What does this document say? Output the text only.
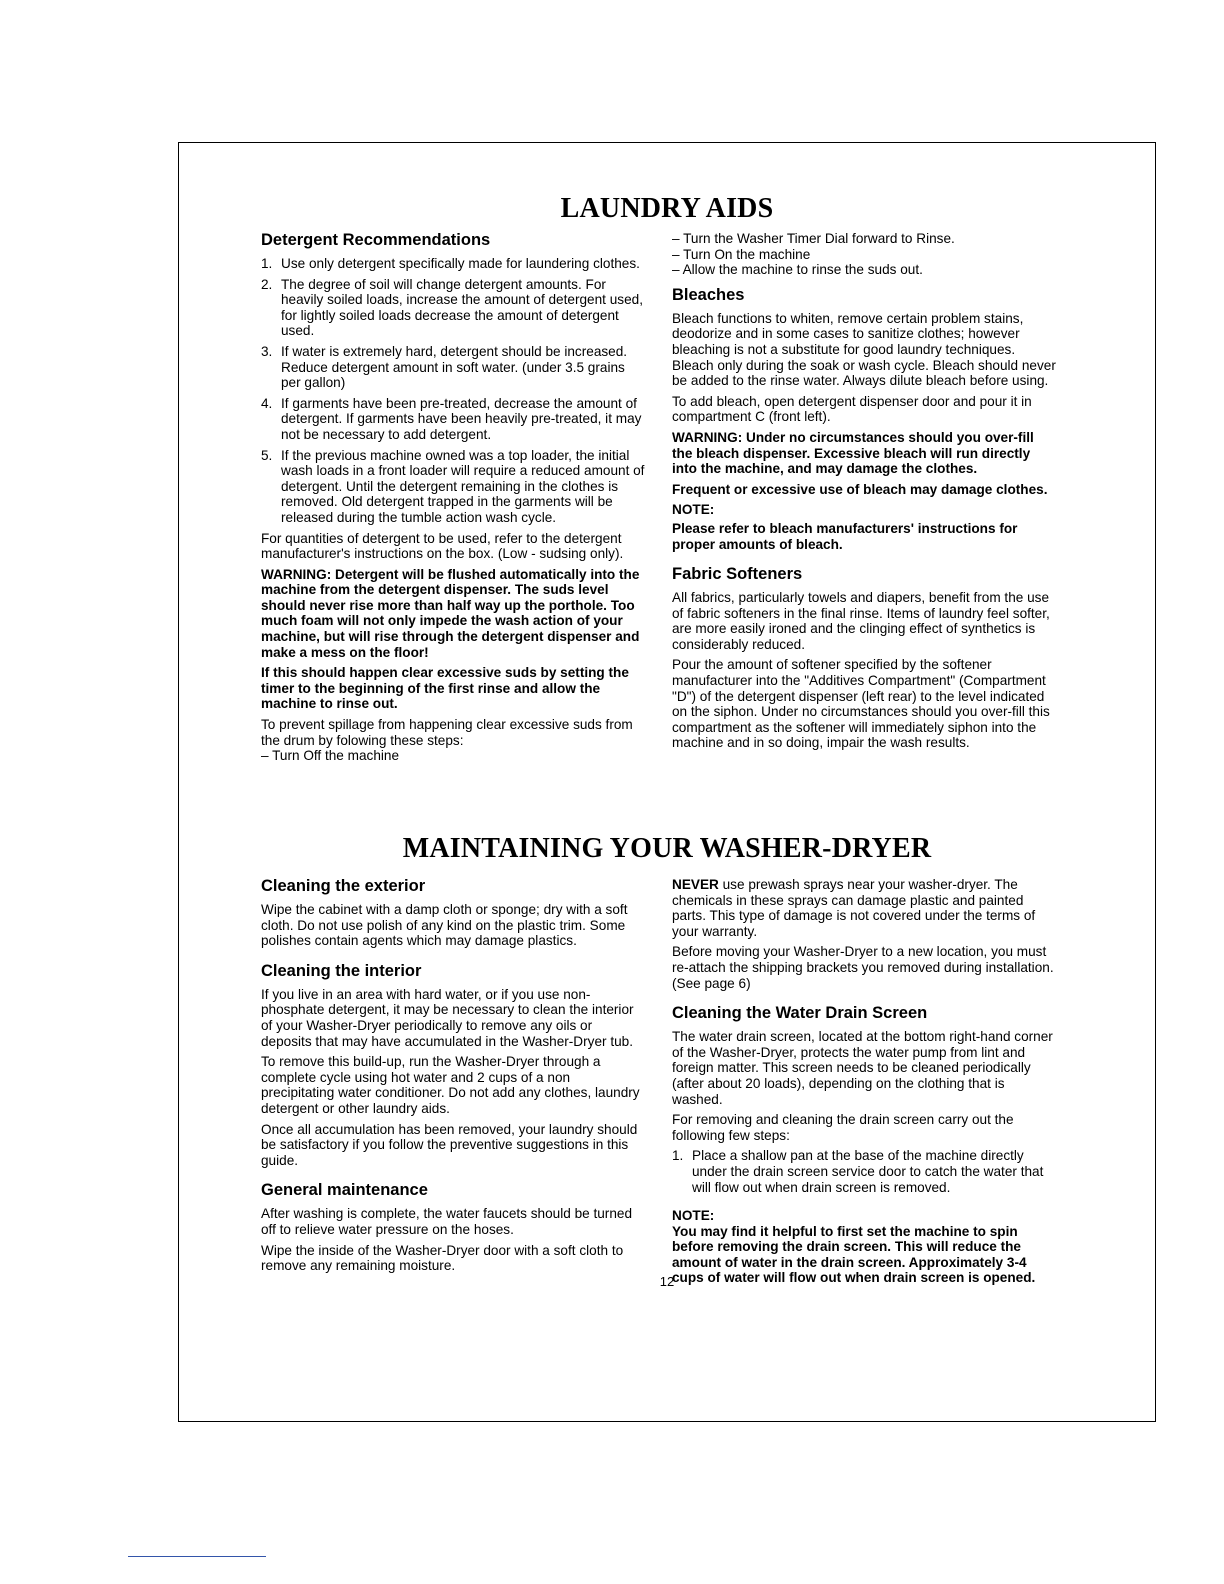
LAUNDRY AIDS
Detergent Recommendations
1. Use only detergent specifically made for laundering clothes.
2. The degree of soil will change detergent amounts. For heavily soiled loads, increase the amount of detergent used, for lightly soiled loads decrease the amount of detergent used.
3. If water is extremely hard, detergent should be increased. Reduce detergent amount in soft water. (under 3.5 grains per gallon)
4. If garments have been pre-treated, decrease the amount of detergent. If garments have been heavily pre-treated, it may not be necessary to add detergent.
5. If the previous machine owned was a top loader, the initial wash loads in a front loader will require a reduced amount of detergent. Until the detergent remaining in the clothes is removed. Old detergent trapped in the garments will be released during the tumble action wash cycle.

For quantities of detergent to be used, refer to the detergent manufacturer's instructions on the box. (Low - sudsing only).

WARNING: Detergent will be flushed automatically into the machine from the detergent dispenser. The suds level should never rise more than half way up the porthole. Too much foam will not only impede the wash action of your machine, but will rise through the detergent dispenser and make a mess on the floor!

If this should happen clear excessive suds by setting the timer to the beginning of the first rinse and allow the machine to rinse out.

To prevent spillage from happening clear excessive suds from the drum by folowing these steps:

– Turn Off the machine
– Turn the Washer Timer Dial forward to Rinse.
– Turn On the machine
– Allow the machine to rinse the suds out.
Bleaches

Bleach functions to whiten, remove certain problem stains, deodorize and in some cases to sanitize clothes; however bleaching is not a substitute for good laundry techniques. Bleach only during the soak or wash cycle. Bleach should never be added to the rinse water. Always dilute bleach before using.

To add bleach, open detergent dispenser door and pour it in compartment C (front left).

WARNING: Under no circumstances should you over-fill the bleach dispenser. Excessive bleach will run directly into the machine, and may damage the clothes.

Frequent or excessive use of bleach may damage clothes.

NOTE:

Please refer to bleach manufacturers' instructions for proper amounts of bleach.

Fabric Softeners

All fabrics, particularly towels and diapers, benefit from the use of fabric softeners in the final rinse. Items of laundry feel softer, are more easily ironed and the clinging effect of synthetics is considerably reduced.

Pour the amount of softener specified by the softener manufacturer into the "Additives Compartment" (Compartment "D") of the detergent dispenser (left rear) to the level indicated on the siphon. Under no circumstances should you over-fill this compartment as the softener will immediately siphon into the machine and in so doing, impair the wash results.

MAINTAINING YOUR WASHER-DRYER
Cleaning the exterior

Wipe the cabinet with a damp cloth or sponge; dry with a soft cloth. Do not use polish of any kind on the plastic trim. Some polishes contain agents which may damage plastics.

Cleaning the interior

If you live in an area with hard water, or if you use non-phosphate detergent, it may be necessary to clean the interior of your Washer-Dryer periodically to remove any oils or deposits that may have accumulated in the Washer-Dryer tub.

To remove this build-up, run the Washer-Dryer through a complete cycle using hot water and 2 cups of a non precipitating water conditioner. Do not add any clothes, laundry detergent or other laundry aids.

Once all accumulation has been removed, your laundry should be satisfactory if you follow the preventive suggestions in this guide.

General maintenance

After washing is complete, the water faucets should be turned off to relieve water pressure on the hoses.

Wipe the inside of the Washer-Dryer door with a soft cloth to remove any remaining moisture.

NEVER use prewash sprays near your washer-dryer. The chemicals in these sprays can damage plastic and painted parts. This type of damage is not covered under the terms of your warranty.

Before moving your Washer-Dryer to a new location, you must re-attach the shipping brackets you removed during installation. (See page 6)

Cleaning the Water Drain Screen

The water drain screen, located at the bottom right-hand corner of the Washer-Dryer, protects the water pump from lint and foreign matter. This screen needs to be cleaned periodically (after about 20 loads), depending on the clothing that is washed.

For removing and cleaning the drain screen carry out the following few steps:

1. Place a shallow pan at the base of the machine directly under the drain screen service door to catch the water that will flow out when drain screen is removed.

NOTE:

You may find it helpful to first set the machine to spin before removing the drain screen. This will reduce the amount of water in the drain screen. Approximately 3-4 cups of water will flow out when drain screen is opened.

12
